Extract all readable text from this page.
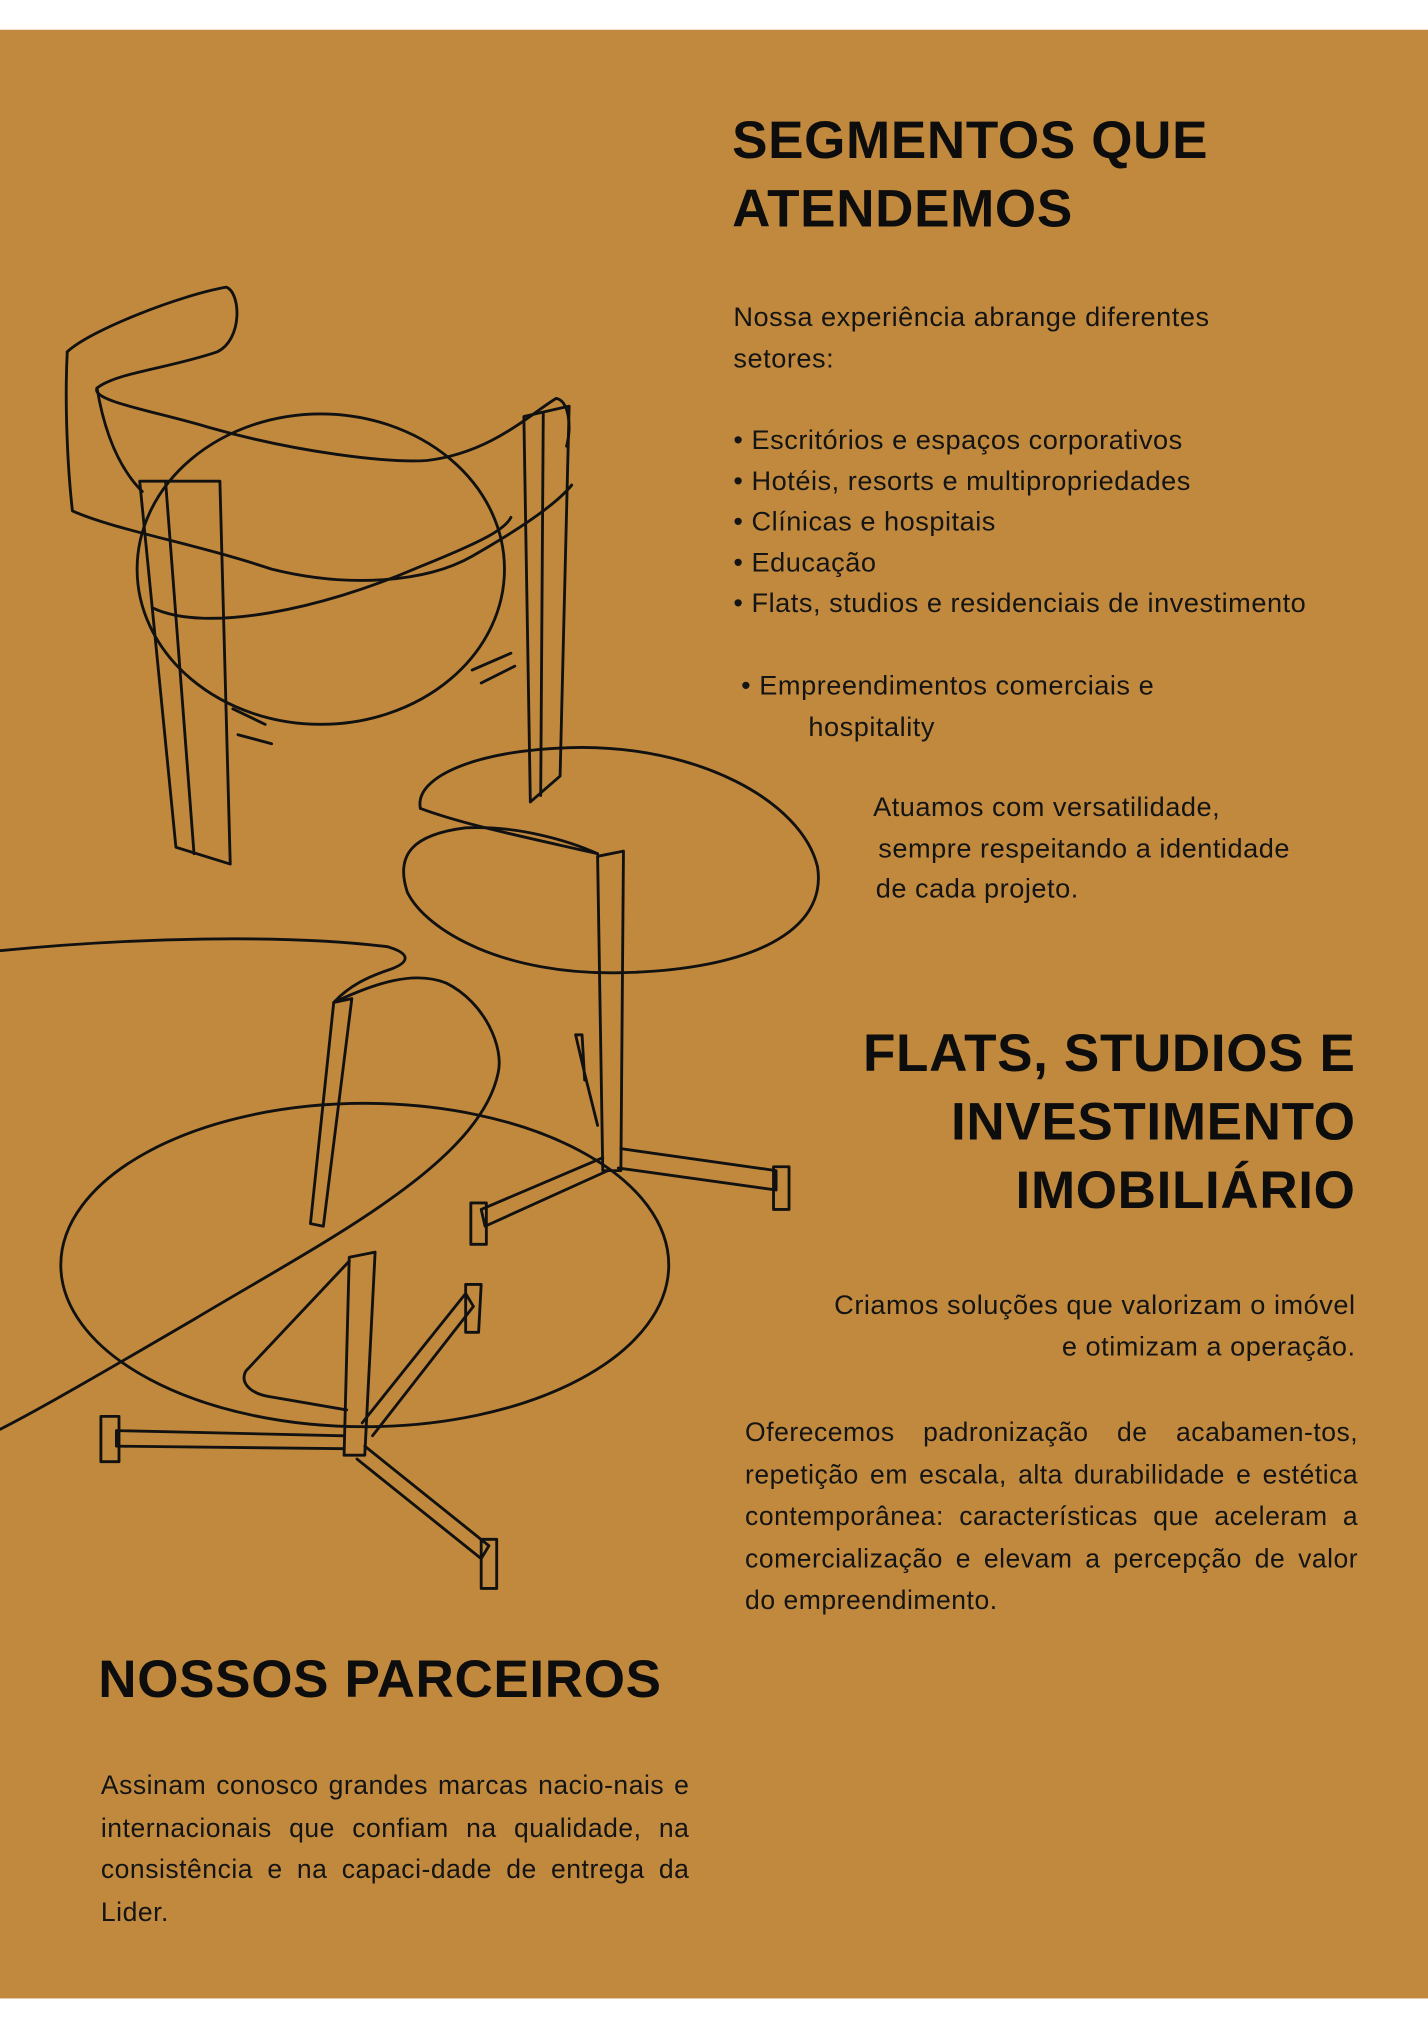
SEGMENTOS QUE
ATENDEMOS

Nossa experiência abrange diferentes
setores:

• Escritórios e espaços corporativos
• Hotéis, resorts e multipropriedades
• Clínicas e hospitais
• Educação
• Flats, studios e residenciais de investimento

• Empreendimentos comerciais e
hospitality

Atuamos com versatilidade,
sempre respeitando a identidade
de cada projeto.

FLATS, STUDIOS E
INVESTIMENTO
IMOBILIÁRIO

Criamos soluções que valorizam o imóvel
e otimizam a operação.

Oferecemos padronização de acabamen-tos, repetição em escala, alta durabilidade e estética contemporânea: características que aceleram a comercialização e elevam a percepção de valor do empreendimento.

NOSSOS PARCEIROS

Assinam conosco grandes marcas nacio-nais e internacionais que confiam na qualidade, na consistência e na capaci-dade de entrega da Lider.
